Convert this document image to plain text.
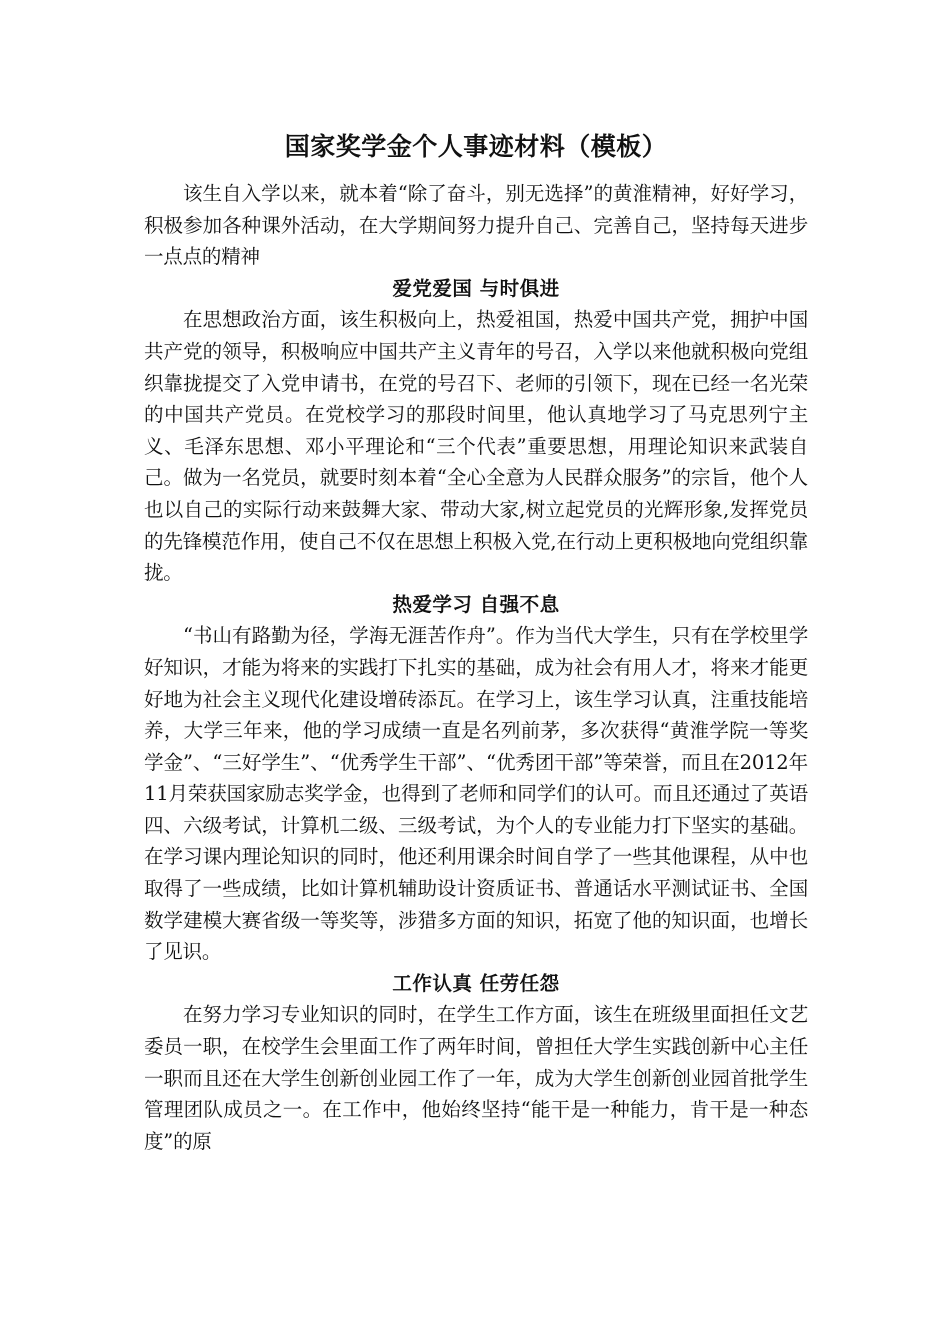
国家奖学金个人事迹材料（模板）

该生自入学以来，就本着“除了奋斗，别无选择”的黄淮精神，好好学习，积极参加各种课外活动，在大学期间努力提升自己、完善自己，坚持每天进步一点点的精神

爱党爱国 与时俱进

在思想政治方面，该生积极向上，热爱祖国，热爱中国共产党，拥护中国共产党的领导，积极响应中国共产主义青年的号召，入学以来他就积极向党组织靠拢提交了入党申请书，在党的号召下、老师的引领下，现在已经一名光荣的中国共产党员。在党校学习的那段时间里，他认真地学习了马克思列宁主义、毛泽东思想、邓小平理论和“三个代表”重要思想，用理论知识来武装自己。做为一名党员，就要时刻本着“全心全意为人民群众服务”的宗旨，他个人也以自己的实际行动来鼓舞大家、带动大家,树立起党员的光辉形象,发挥党员的先锋模范作用，使自己不仅在思想上积极入党,在行动上更积极地向党组织靠拢。

热爱学习 自强不息

“书山有路勤为径，学海无涯苦作舟”。作为当代大学生，只有在学校里学好知识，才能为将来的实践打下扎实的基础，成为社会有用人才，将来才能更好地为社会主义现代化建设增砖添瓦。在学习上，该生学习认真，注重技能培养，大学三年来，他的学习成绩一直是名列前茅，多次获得“黄淮学院一等奖学金”、“三好学生”、“优秀学生干部”、“优秀团干部”等荣誉，而且在2012年11月荣获国家励志奖学金，也得到了老师和同学们的认可。而且还通过了英语四、六级考试，计算机二级、三级考试，为个人的专业能力打下坚实的基础。在学习课内理论知识的同时，他还利用课余时间自学了一些其他课程，从中也取得了一些成绩，比如计算机辅助设计资质证书、普通话水平测试证书、全国数学建模大赛省级一等奖等，涉猎多方面的知识，拓宽了他的知识面，也增长了见识。

工作认真 任劳任怨

在努力学习专业知识的同时，在学生工作方面，该生在班级里面担任文艺委员一职，在校学生会里面工作了两年时间，曾担任大学生实践创新中心主任一职而且还在大学生创新创业园工作了一年，成为大学生创新创业园首批学生管理团队成员之一。在工作中，他始终坚持“能干是一种能力，肯干是一种态度”的原
